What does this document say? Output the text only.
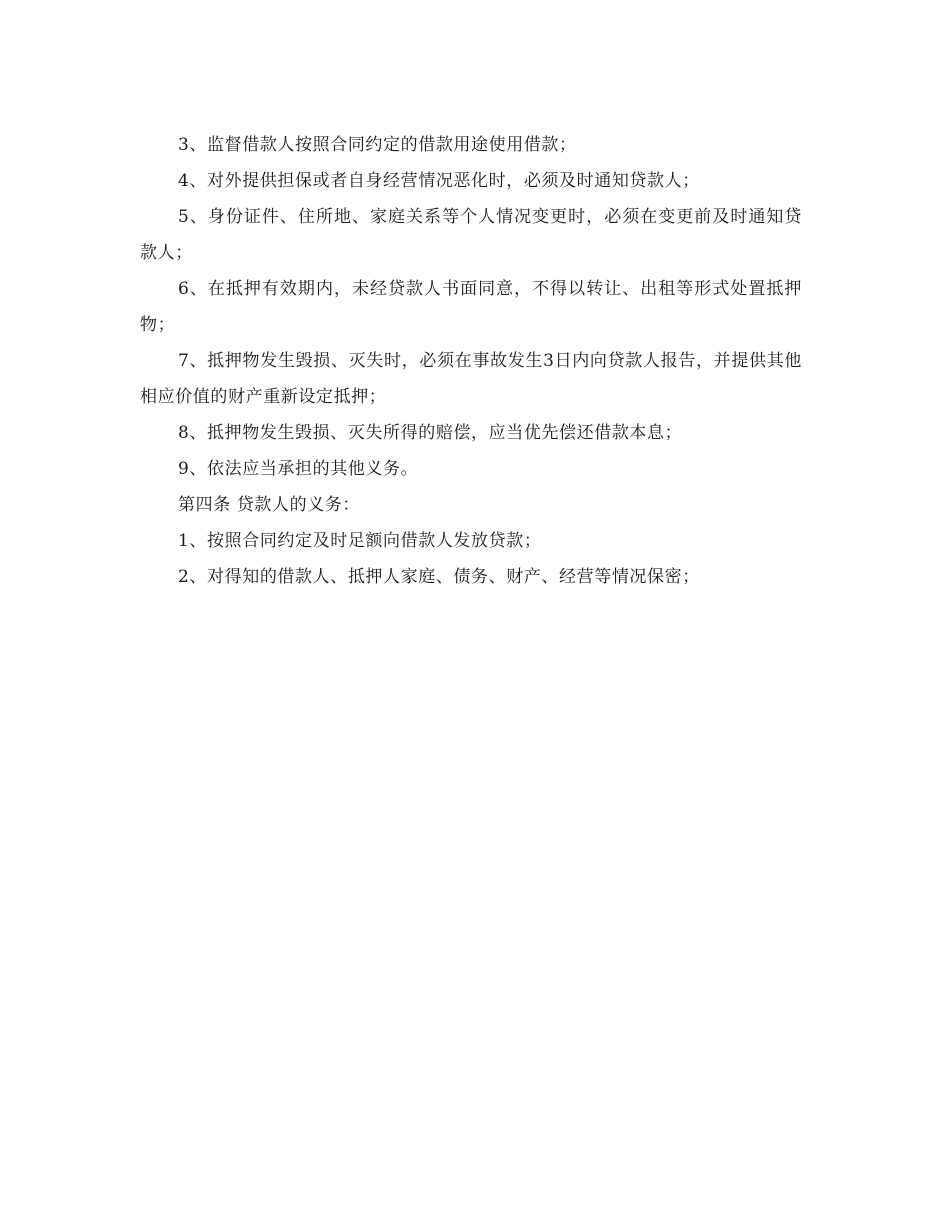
3、监督借款人按照合同约定的借款用途使用借款；

4、对外提供担保或者自身经营情况恶化时，必须及时通知贷款人；

5、身份证件、住所地、家庭关系等个人情况变更时，必须在变更前及时通知贷款人；

6、在抵押有效期内，未经贷款人书面同意，不得以转让、出租等形式处置抵押物；

7、抵押物发生毁损、灭失时，必须在事故发生3日内向贷款人报告，并提供其他相应价值的财产重新设定抵押；

8、抵押物发生毁损、灭失所得的赔偿，应当优先偿还借款本息；

9、依法应当承担的其他义务。

第四条 贷款人的义务：

1、按照合同约定及时足额向借款人发放贷款；

2、对得知的借款人、抵押人家庭、债务、财产、经营等情况保密；
